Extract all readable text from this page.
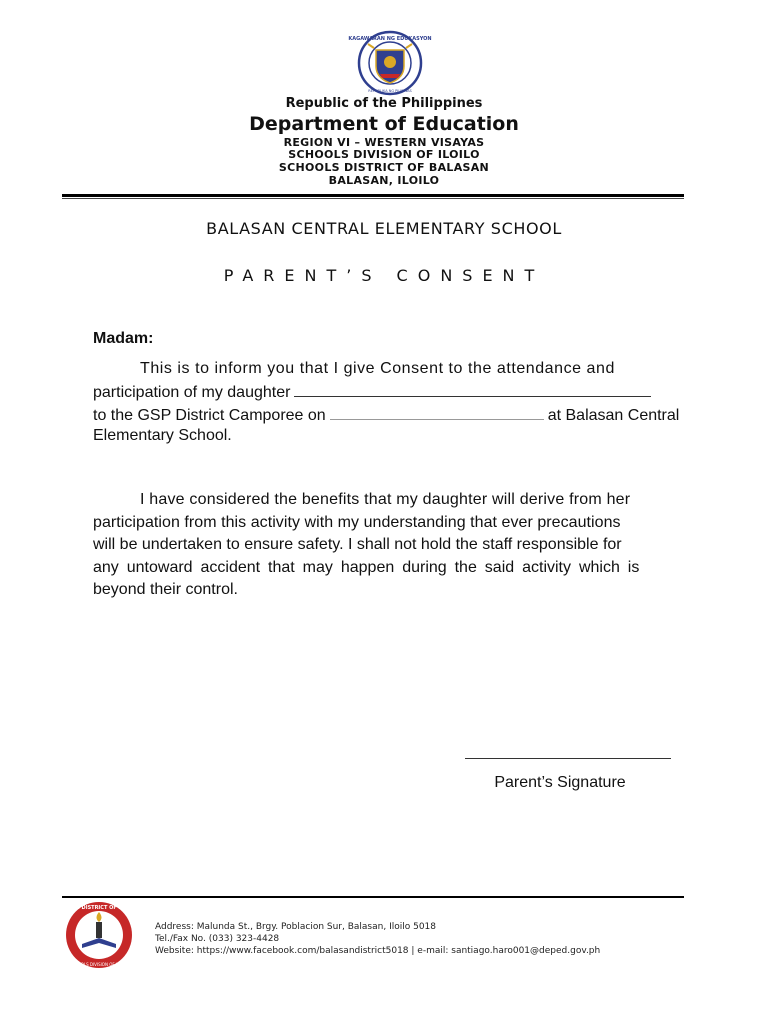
KAGAWARAN NG EDUKASYON
REPUBLIKA NG PILIPINAS
Republic of the Philippines
Department of Education
REGION VI – WESTERN VISAYAS
SCHOOLS DIVISION OF ILOILO
SCHOOLS DISTRICT OF BALASAN
BALASAN, ILOILO
BALASAN CENTRAL ELEMENTARY SCHOOL
PARENT’S CONSENT
Madam:
This is to inform you that I give Consent to the attendance and
participation of my daughter
to the GSP District Camporee on	at Balasan Central
Elementary School.
I have considered the benefits that my daughter will derive from her
participation from this activity with my understanding that ever precautions
will be undertaken to ensure safety. I shall not hold the staff responsible for
any untoward accident that may happen during the said activity which is
beyond their control.
Parent’s Signature
SCHOOLS DISTRICT OF BALASAN
SCHOOLS DIVISION OF ILOILO
Address: Malunda St., Brgy. Poblacion Sur, Balasan, Iloilo 5018
Tel./Fax No. (033) 323-4428
Website: https://www.facebook.com/balasandistrict5018 | e-mail: santiago.haro001@deped.gov.ph
